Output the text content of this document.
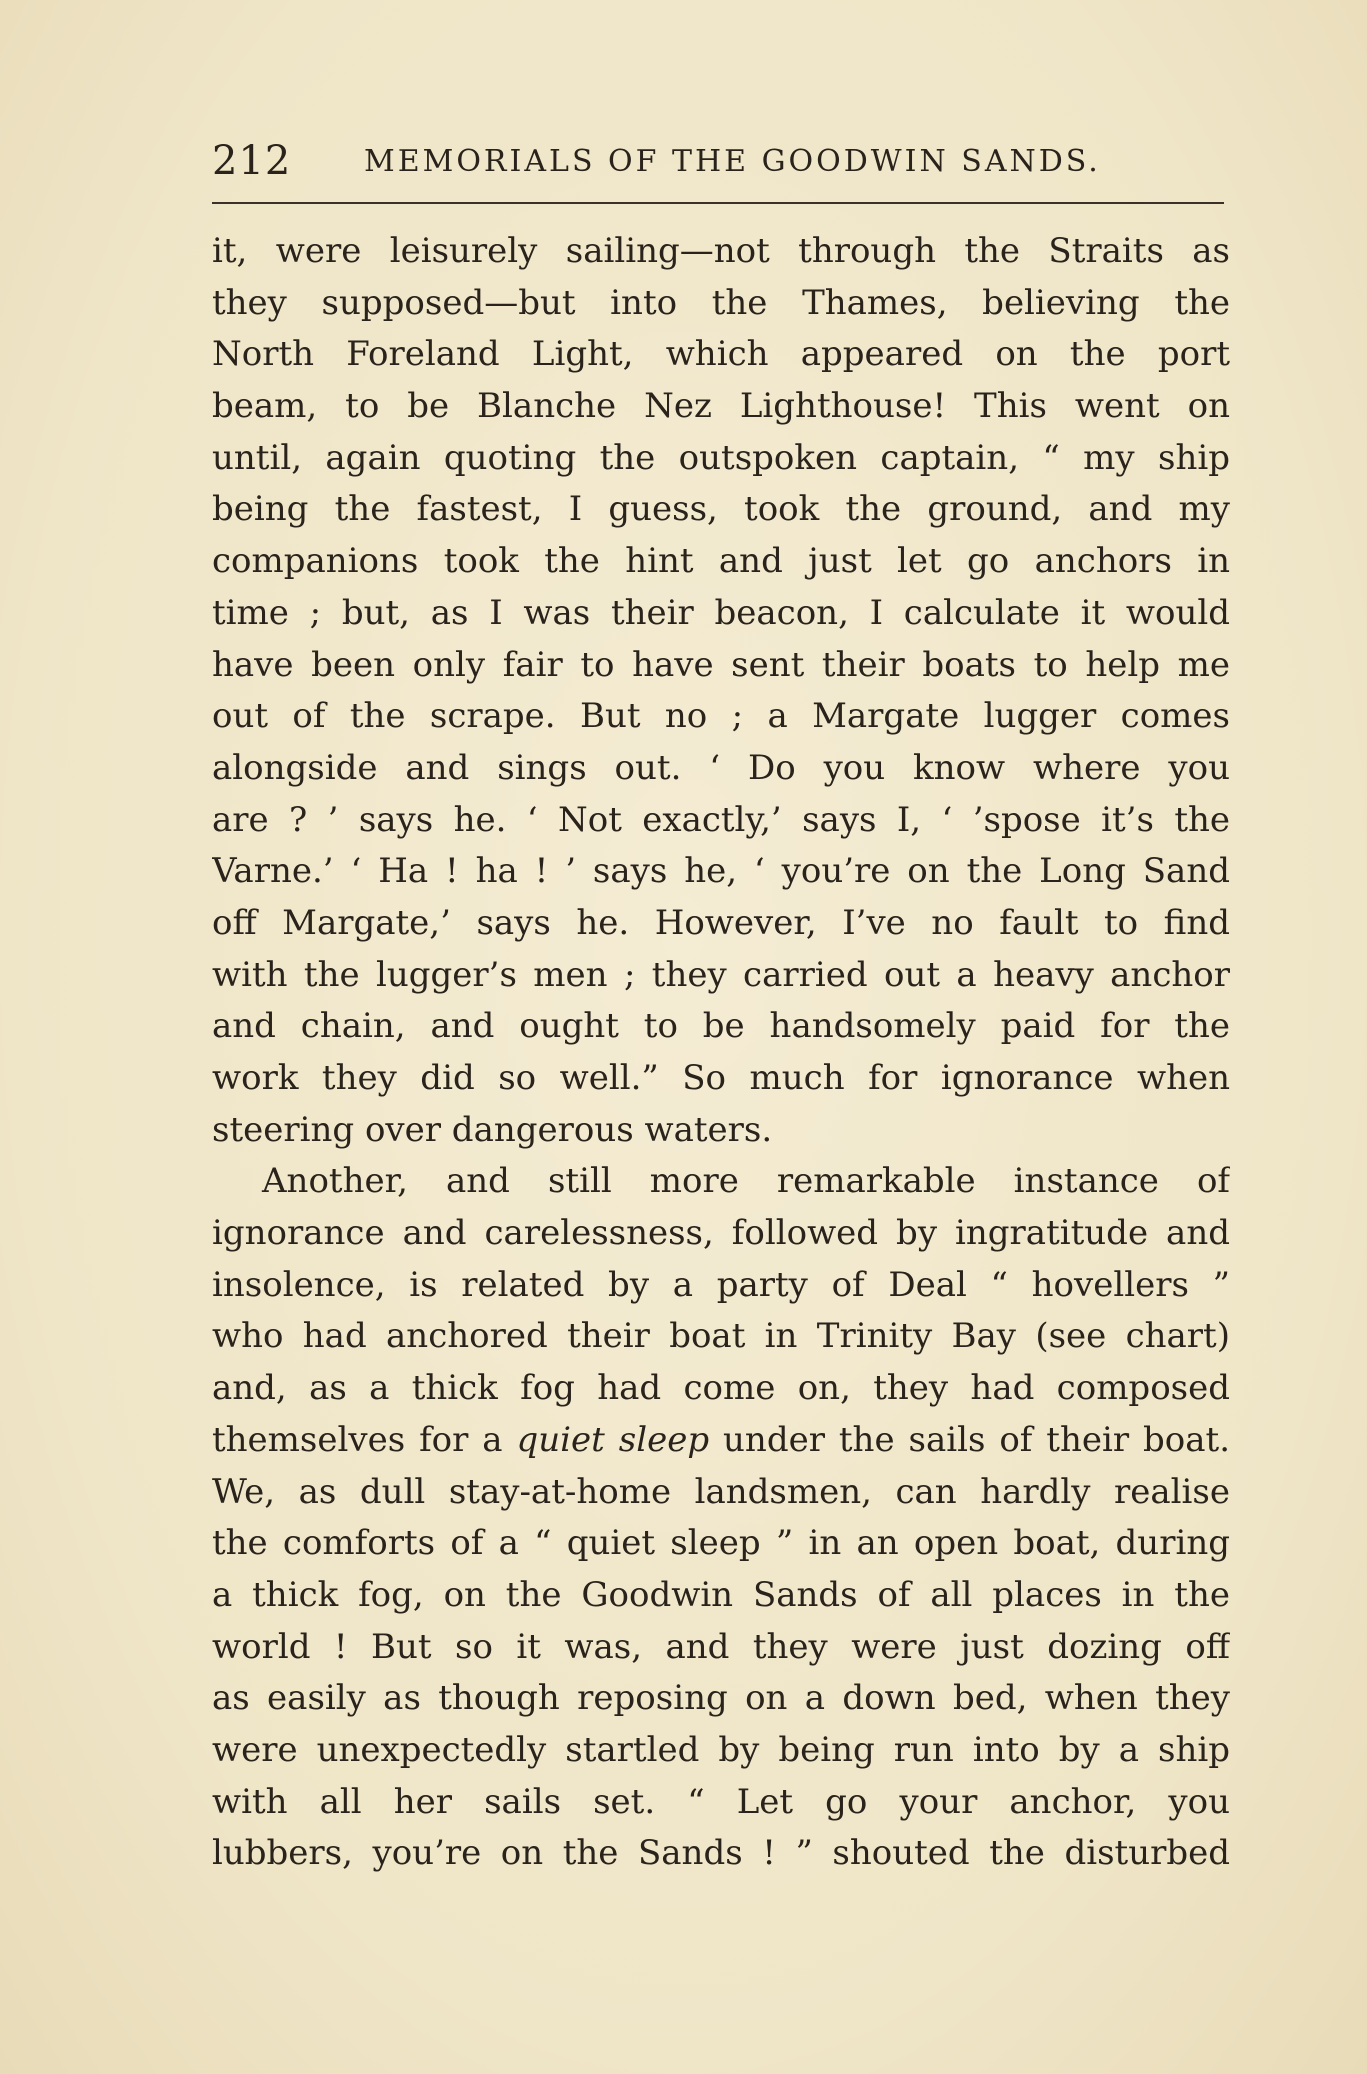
212 MEMORIALS OF THE GOODWIN SANDS.
it, were leisurely sailing—not through the Straits as
they supposed—but into the Thames, believing the
North Foreland Light, which appeared on the port
beam, to be Blanche Nez Lighthouse! This went on
until, again quoting the outspoken captain, “ my ship
being the fastest, I guess, took the ground, and my
companions took the hint and just let go anchors in
time ; but, as I was their beacon, I calculate it would
have been only fair to have sent their boats to help me
out of the scrape. But no ; a Margate lugger comes
alongside and sings out. ‘ Do you know where you
are ? ’ says he. ‘ Not exactly,’ says I, ‘ ’spose it’s the
Varne.’ ‘ Ha ! ha ! ’ says he, ‘ you’re on the Long Sand
off Margate,’ says he. However, I’ve no fault to find
with the lugger’s men ; they carried out a heavy anchor
and chain, and ought to be handsomely paid for the
work they did so well.” So much for ignorance when
steering over dangerous waters.
Another, and still more remarkable instance of
ignorance and carelessness, followed by ingratitude and
insolence, is related by a party of Deal “ hovellers ”
who had anchored their boat in Trinity Bay (see chart)
and, as a thick fog had come on, they had composed
themselves for a quiet sleep under the sails of their boat.
We, as dull stay-at-home landsmen, can hardly realise
the comforts of a “ quiet sleep ” in an open boat, during
a thick fog, on the Goodwin Sands of all places in the
world ! But so it was, and they were just dozing off
as easily as though reposing on a down bed, when they
were unexpectedly startled by being run into by a ship
with all her sails set. “ Let go your anchor, you
lubbers, you’re on the Sands ! ” shouted the disturbed
